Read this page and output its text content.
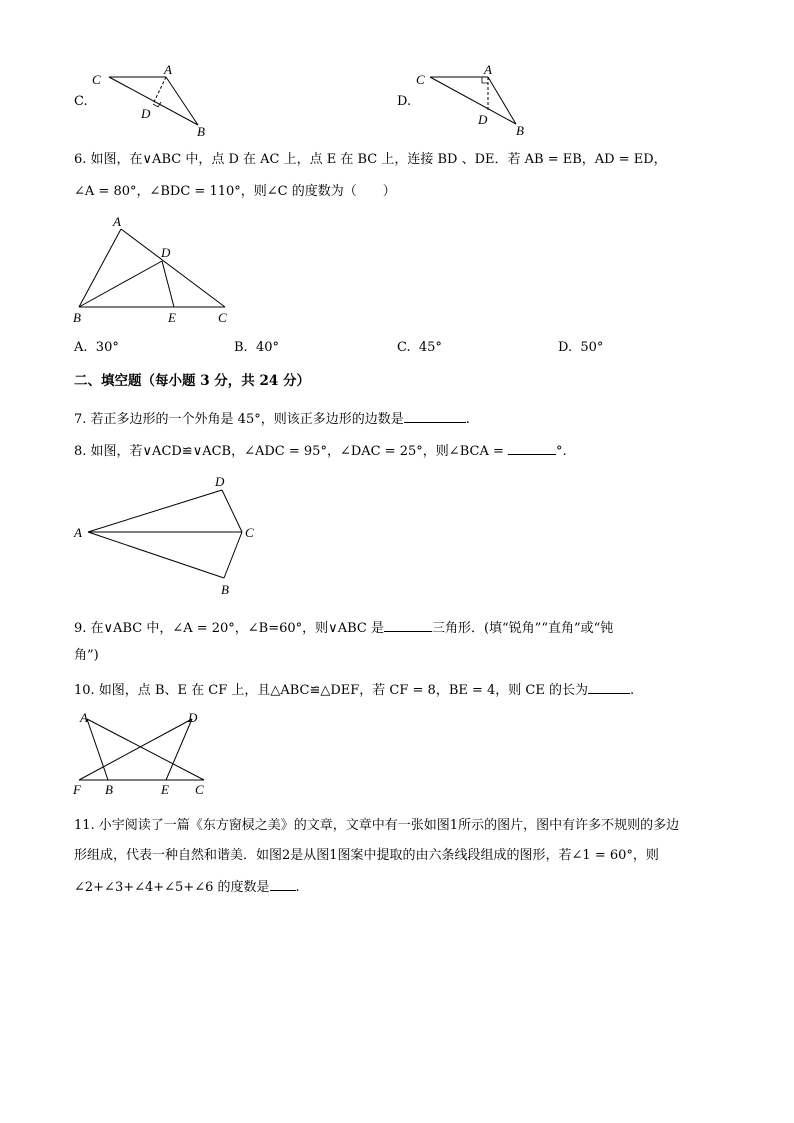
C.
C
A
D
B
D.
C
A
D
B
6. 如图，在∨ABC 中，点 D 在 AC 上，点 E 在 BC 上，连接 BD 、DE．若 AB = EB，AD = ED，
∠A = 80°，∠BDC = 110°，则∠C 的度数为（　　）
A
D
B	E	C
A. 30°	B. 40°	C. 45°	D. 50°
二、填空题（每小题 3 分，共 24 分）
7. 若正多边形的一个外角是 45°，则该正多边形的边数是	.
8. 如图，若∨ACD≌∨ACB，∠ADC = 95°，∠DAC = 25°，则∠BCA =	°.
A
D
C
B
9. 在∨ABC 中，∠A = 20°，∠B=60°，则∨ABC 是	三角形．(填“锐角”“直角”或“钝
角”)
10. 如图，点 B、E 在 CF 上，且△ABC≌△DEF，若 CF = 8，BE = 4，则 CE 的长为	.
A	D
F B	E C
11. 小宇阅读了一篇《东方窗棂之美》的文章，文章中有一张如图1所示的图片，图中有许多不规则的多边
形组成，代表一种自然和谐美．如图2是从图1图案中提取的由六条线段组成的图形，若∠1 = 60°，则
∠2+∠3+∠4+∠5+∠6 的度数是 .
